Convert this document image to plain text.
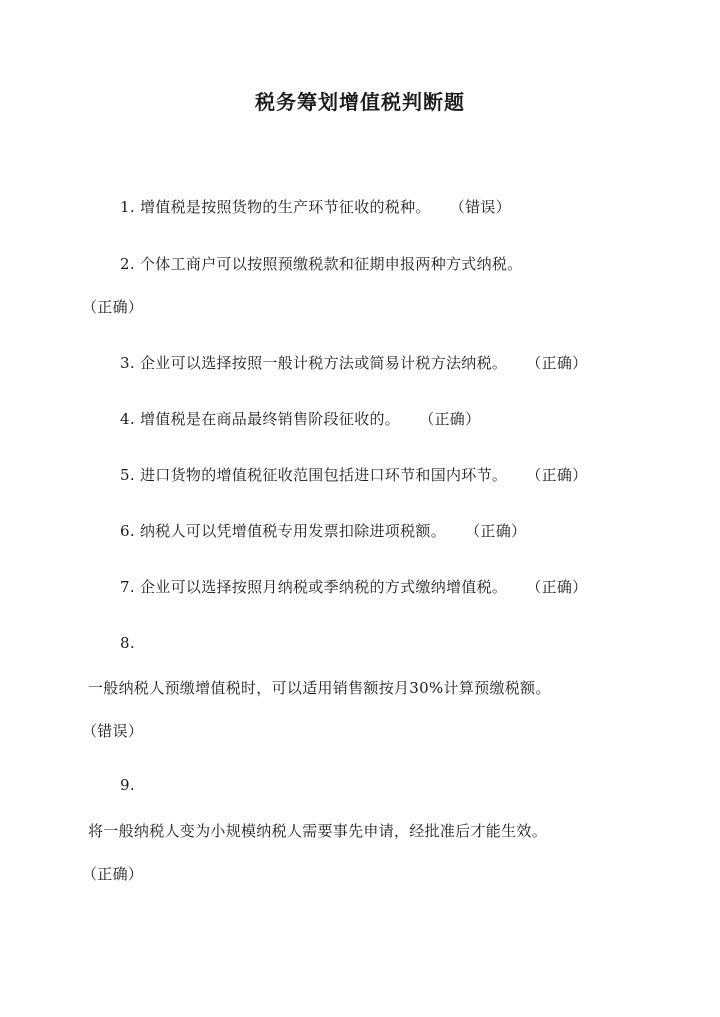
税务筹划增值税判断题
1. 增值税是按照货物的生产环节征收的税种。 （错误）
2. 个体工商户可以按照预缴税款和征期申报两种方式纳税。
（正确）
3. 企业可以选择按照一般计税方法或简易计税方法纳税。 （正确）
4. 增值税是在商品最终销售阶段征收的。 （正确）
5. 进口货物的增值税征收范围包括进口环节和国内环节。 （正确）
6. 纳税人可以凭增值税专用发票扣除进项税额。 （正确）
7. 企业可以选择按照月纳税或季纳税的方式缴纳增值税。 （正确）
8.
一般纳税人预缴增值税时，可以适用销售额按月30%计算预缴税额。
（错误）
9.
将一般纳税人变为小规模纳税人需要事先申请，经批准后才能生效。
（正确）
